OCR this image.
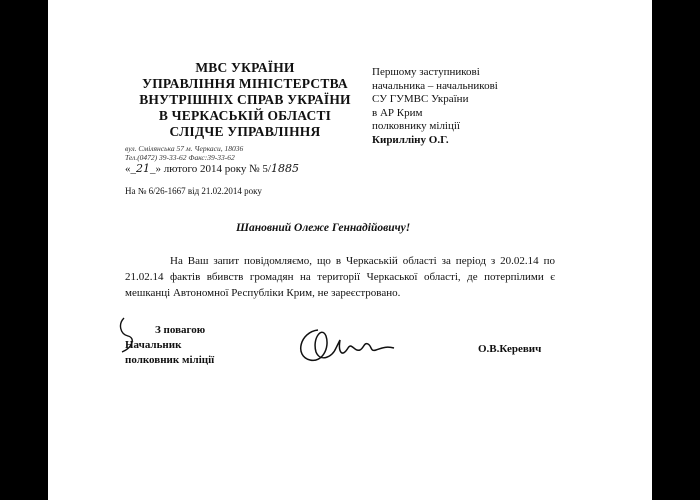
МВС УКРАЇНИ
УПРАВЛІННЯ МІНІСТЕРСТВА
ВНУТРІШНІХ СПРАВ УКРАЇНИ
В ЧЕРКАСЬКІЙ ОБЛАСТІ
СЛІДЧЕ УПРАВЛІННЯ
вул. Смілянська 57 м. Черкаси, 18036
Тел.(0472) 39-33-62 Факс:39-33-62
«_21_» лютого 2014 року № 5/1885
На № 6/26-1667 від 21.02.2014 року
Першому заступникові
начальника – начальникові
СУ ГУМВС України
в АР Крим
полковнику міліції
Кирилліну О.Г.
Шановний Олеже Геннадійовичу!
На Ваш запит повідомляємо, що в Черкаській області за період з 20.02.14 по 21.02.14 фактів вбивств громадян на території Черкаської області, де потерпілими є мешканці Автономної Республіки Крим, не зареєстровано.
З повагою
Начальник
полковник міліції
О.В.Керевич
